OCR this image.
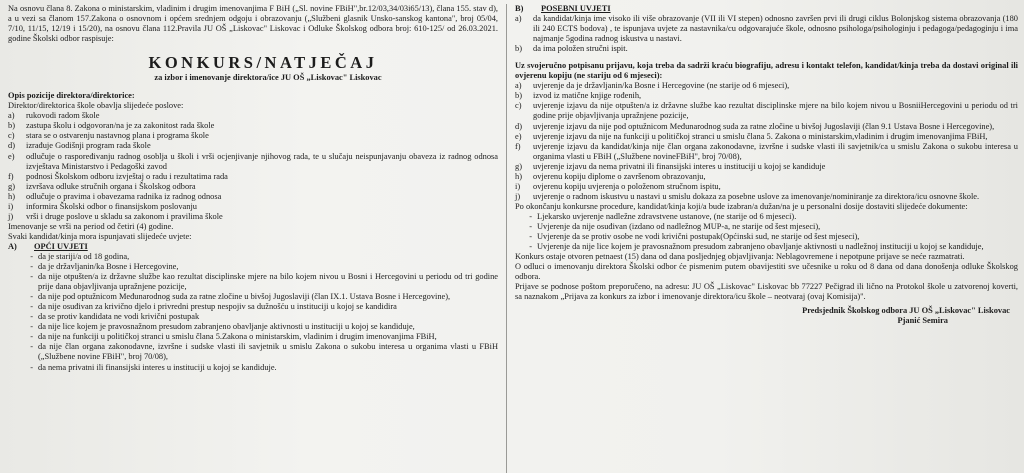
Na osnovu člana 8. Zakona o ministarskim, vladinim i drugim imenovanjima F BiH („Sl. novine FBiH",br.12/03,34/03i65/13), člana 155. stav d), a u vezi sa članom 157.Zakona o osnovnom i općem srednjem odgoju i obrazovanju („Službeni glasnik Unsko-sanskog kantona", broj 05/04, 7/10, 11/15, 12/19 i 15/20), na osnovu člana 112.Pravila JU OŠ „Liskovac" Liskovac i Odluke Školskog odbora broj: 610-125/ od 26.03.2021. godine Školski odbor raspisuje:

KONKURS/NATJEČAJ
za izbor i imenovanje direktora/ice JU OŠ „Liskovac" Liskovac

Opis pozicije direktora/direktorice:

Direktor/direktorica škole obavlja slijedeće poslove:

a)	rukovodi radom škole
b)	zastupa školu i odgovoran/na je za zakonitost rada škole
c)	stara se o ostvarenju nastavnog plana i programa škole
d)	izrađuje Godišnji program rada škole
e)	odlučuje o raspoređivanju radnog osoblja u školi i vrši ocjenjivanje njihovog rada, te u slučaju neispunjavanju obaveza iz radnog odnosa izvještava Ministarstvo i Pedagoški zavod
f)	podnosi Školskom odboru izvještaj o radu i rezultatima rada
g)	izvršava odluke stručnih organa i Školskog odbora
h)	odlučuje o pravima i obavezama radnika iz radnog odnosa
i)	informira Školski odbor o finansijskom poslovanju
j)	vrši i druge poslove u skladu sa zakonom i pravilima škole

Imenovanje se vrši na period od četiri (4) godine.

Svaki kandidat/kinja mora ispunjavati slijedeće uvjete:

A)	OPĆI UVJETI
- da je stariji/a od 18 godina,
- da je državljanin/ka Bosne i Hercegovine,
- da nije otpušten/a iz državne službe kao rezultat disciplinske mjere na bilo kojem nivou u Bosni i Hercegovini u periodu od tri godine prije dana objavljivanja upražnjene pozicije,
- da nije pod optužnicom Međunarodnog suda za ratne zločine u bivšoj Jugoslaviji (član IX.1. Ustava Bosne i Hercegovine),
- da nije osuđivan za krivično djelo i privredni prestup nespojiv sa dužnošću u instituciji u kojoj se kandidira
- da se protiv kandidata ne vodi krivični postupak
- da nije lice kojem je pravosnažnom presudom zabranjeno obavljanje aktivnosti u instituciji u kojoj se kandiduje,
- da nije na funkciji u političkoj stranci u smislu člana 5.Zakona o ministarskim, vladinim i drugim imenovanjima FBiH,
- da nije član organa zakonodavne, izvršne i sudske vlasti ili savjetnik u smislu Zakona o sukobu interesa u organima vlasti u FBiH („Službene novine FBiH", broj 70/08),
- da nema privatni ili finansijski interes u instituciji u kojoj se kandiduje.
B)	POSEBNI UVJETI
a)	da kandidat/kinja ime visoko ili više obrazovanje (VII ili VI stepen) odnosno završen prvi ili drugi ciklus Bolonjskog sistema obrazovanja (180 ili 240 ECTS bodova) , te ispunjava uvjete za nastavnika/cu odgovarajuće škole, odnosno psihologa/psihologinju i pedagoga/pedagoginju i ima najmanje 5godina radnog iskustva u nastavi.
b)	da ima položen stručni ispit.

Uz svojeručno potpisanu prijavu, koja treba da sadrži kraću biografiju, adresu i kontakt telefon, kandidat/kinja treba da dostavi original ili ovjerenu kopiju (ne stariju od 6 mjeseci):

a)	uvjerenje da je državljanin/ka Bosne i Hercegovine (ne starije od 6 mjeseci),
b)	izvod iz matične knjige rođenih,
c)	uvjerenje izjavu da nije otpušten/a iz državne službe kao rezultat disciplinske mjere na bilo kojem nivou u BosniiHercegovini u periodu od tri godine prije objavljivanja upražnjene pozicije,
d)	uvjerenje izjavu da nije pod optužnicom Međunarodnog suda za ratne zločine u bivšoj Jugoslaviji (član 9.1 Ustava Bosne i Hercegovine),
e)	uvjerenje izjavu da nije na funkciji u političkoj stranci u smislu člana 5. Zakona o ministarskim,vladinim i drugim imenovanjima FBiH,
f)	uvjerenje izjavu da kandidat/kinja nije član organa zakonodavne, izvršne i sudske vlasti ili savjetnik/ca u smislu Zakona o sukobu interesa u organima vlasti u FBiH („Službene novineFBiH", broj 70/08),
g)	uvjerenje izjavu da nema privatni ili finansijski interes u instituciji u kojoj se kandiduje
h)	ovjerenu kopiju diplome o završenom obrazovanju,
i)	ovjerenu kopiju uvjerenja o položenom stručnom ispitu,
j)	uvjerenje o radnom iskustvu u nastavi u smislu dokaza za posebne uslove za imenovanje/nominiranje za direktora/icu osnovne škole.

Po okončanju konkursne procedure, kandidat/kinja koji/a bude izabran/a dužan/na je u personalni dosije dostaviti slijedeće dokumente:

- Ljekarsko uvjerenje nadležne zdravstvene ustanove, (ne starije od 6 mjeseci).
- Uvjerenje da nije osuđivan (izdano od nadležnog MUP-a, ne starije od šest mjeseci),
- Uvjerenje da se protiv osobe ne vodi krivični postupak(Općinski sud, ne starije od šest mjeseci),
- Uvjerenje da nije lice kojem je pravosnažnom presudom zabranjeno obavljanje aktivnosti u nadležnoj instituciji u kojoj se kandiduje,

Konkurs ostaje otvoren petnaest (15) dana od dana posljednjeg objavljivanja: Neblagovremene i nepotpune prijave se neće razmatrati.

O odluci o imenovanju direktora Školski odbor će pismenim putem obavijestiti sve učesnike u roku od 8 dana od dana donošenja odluke Školskog odbora.

Prijave se podnose poštom preporučeno, na adresu: JU OŠ „Liskovac" Liskovac bb 77227 Pečigrad ili lično na Protokol škole u zatvorenoj koverti, sa naznakom „Prijava za konkurs za izbor i imenovanje direktora/icu škole – neotvaraj (ovaj Komisija)".

Predsjednik Školskog odbora JU OŠ „Liskovac" Liskovac

Pjanić Semira
